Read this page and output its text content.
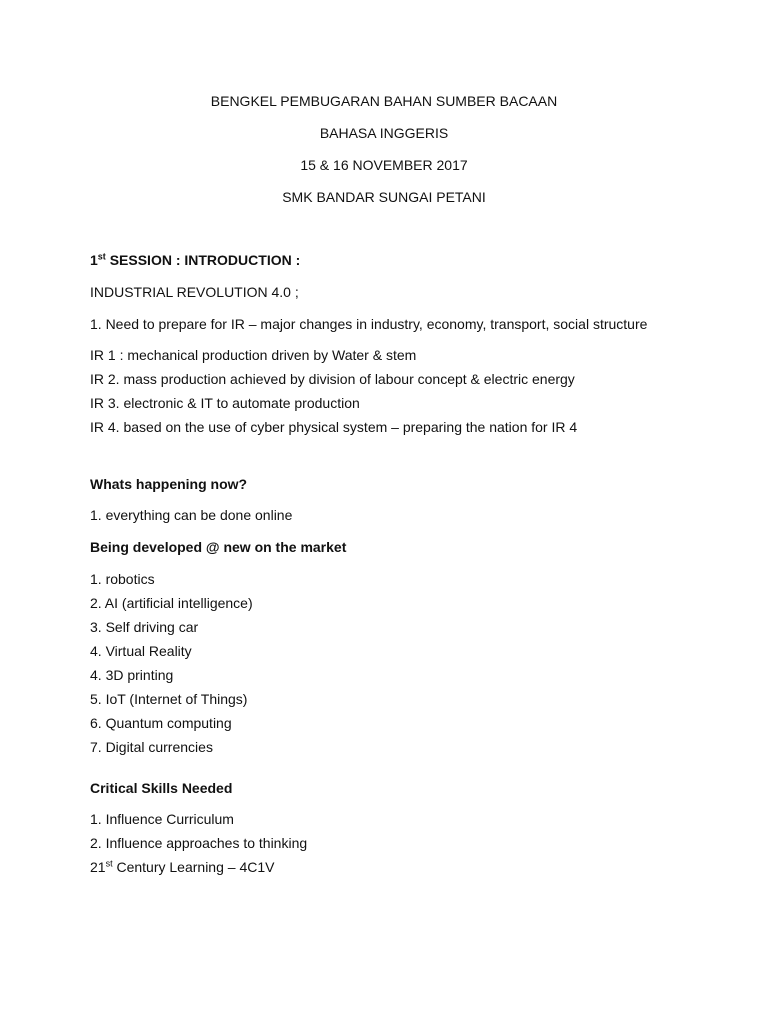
BENGKEL PEMBUGARAN BAHAN SUMBER BACAAN
BAHASA INGGERIS
15 & 16 NOVEMBER 2017
SMK BANDAR SUNGAI PETANI
1st SESSION : INTRODUCTION :
INDUSTRIAL REVOLUTION 4.0 ;
1. Need to prepare for IR – major changes in industry, economy, transport, social structure
IR 1 : mechanical production driven by Water & stem
IR 2. mass production achieved by division of labour concept & electric energy
IR 3. electronic & IT to automate production
IR 4. based on the use of cyber physical system – preparing the nation for IR 4
Whats happening now?
1. everything can be done online
Being developed @ new on the market
1. robotics
2. AI (artificial intelligence)
3. Self driving car
4. Virtual Reality
4. 3D printing
5. IoT (Internet of Things)
6. Quantum computing
7. Digital currencies
Critical Skills Needed
1. Influence Curriculum
2. Influence approaches to thinking
21st Century Learning – 4C1V
